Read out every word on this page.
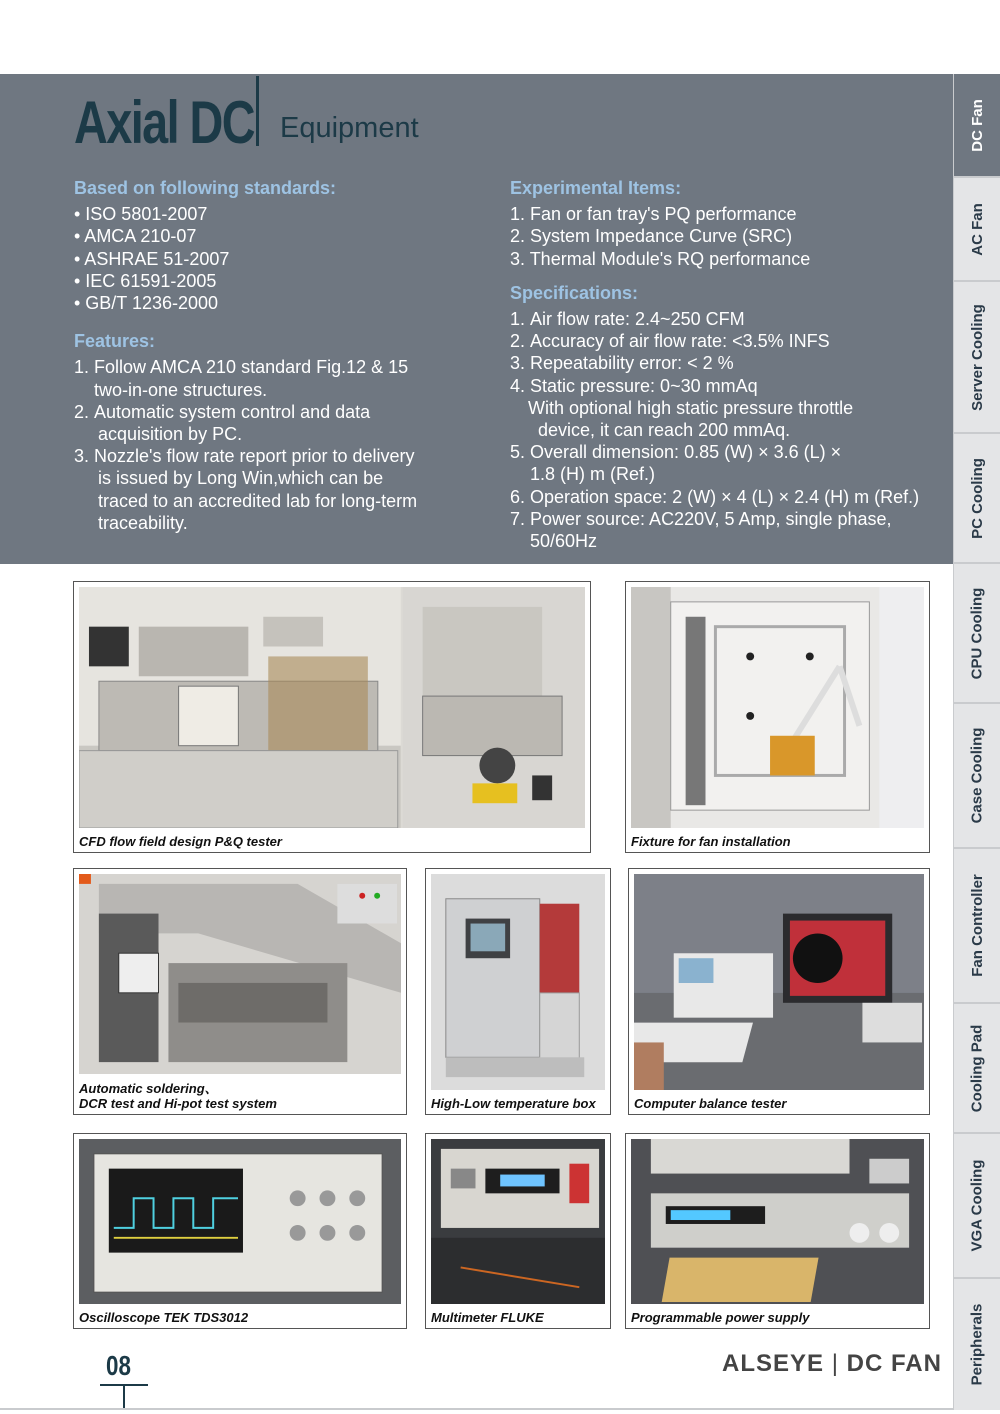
Axial DC Equipment
Based on following standards:
• ISO 5801-2007
• AMCA 210-07
• ASHRAE 51-2007
• IEC 61591-2005
• GB/T 1236-2000
Features:
1. Follow AMCA 210 standard Fig.12 & 15
two-in-one structures.
2. Automatic system control and data
acquisition by PC.
3. Nozzle's flow rate report prior to delivery
is issued by Long Win,which can be
traced to an accredited lab for long-term
traceability.
Experimental Items:
1. Fan or fan tray's PQ performance
2. System Impedance Curve (SRC)
3. Thermal Module's RQ performance
Specifications:
1. Air flow rate: 2.4~250 CFM
2. Accuracy of air flow rate: <3.5% INFS
3. Repeatability error: < 2 %
4. Static pressure: 0~30 mmAq
With optional high static pressure throttle
device, it can reach 200 mmAq.
5. Overall dimension: 0.85 (W) × 3.6 (L) ×
1.8 (H) m (Ref.)
6. Operation space: 2 (W) × 4 (L) × 2.4 (H) m (Ref.)
7. Power source: AC220V, 5 Amp, single phase,
50/60Hz
DC Fan
AC Fan
Server Cooling
PC Cooling
CPU Cooling
Case Cooling
Fan Controller
Cooling Pad
VGA Cooling
Peripherals
CFD flow field design P&Q tester	Fixture for fan installation
Automatic soldering、
DCR test and Hi-pot test system	High-Low temperature box	Computer balance tester
Oscilloscope TEK TDS3012	Multimeter FLUKE	Programmable power supply
08	ALSEYE | DC FAN
